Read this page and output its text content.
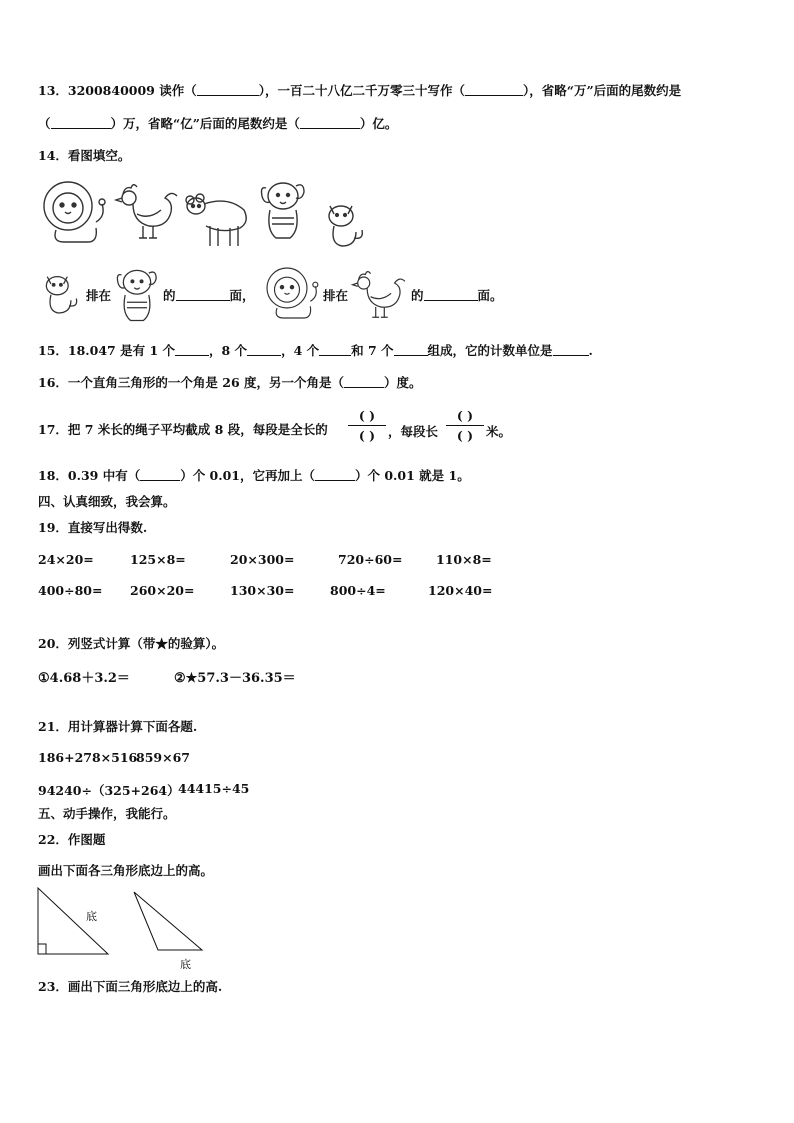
13．3200840009 读作（	），一百二十八亿二千万零三十写作（	），省略“万”后面的尾数约是
（	）万，省略“亿”后面的尾数约是（	）亿。
14．看图填空。
排在	的	面，	排在	的	面。
15．18.047 是有 1 个	，8 个	，4 个	和 7 个	组成，它的计数单位是	.
16．一个直角三角形的一个角是 26 度，另一个角是（	）度。
17．把 7 米长的绳子平均截成 8 段，每段是全长的
( )
( )	，每段长
( )
( )	米。
18．0.39 中有（	）个 0.01，它再加上（	）个 0.01 就是 1。
四、认真细致，我会算。
19．直接写出得数.
24×20=	125×8=	20×300=	720÷60=	110×8=
400÷80= 260×20=	130×30=	800÷4=	120×40=
20．列竖式计算（带★的验算）。
①4.68＋3.2＝	②★57.3－36.35＝
21．用计算器计算下面各题.
186+278×516
859×67
94240÷（325+264）
44415÷45
五、动手操作，我能行。
22．作图题
画出下面各三角形底边上的高。
底
底
23．画出下面三角形底边上的高.
